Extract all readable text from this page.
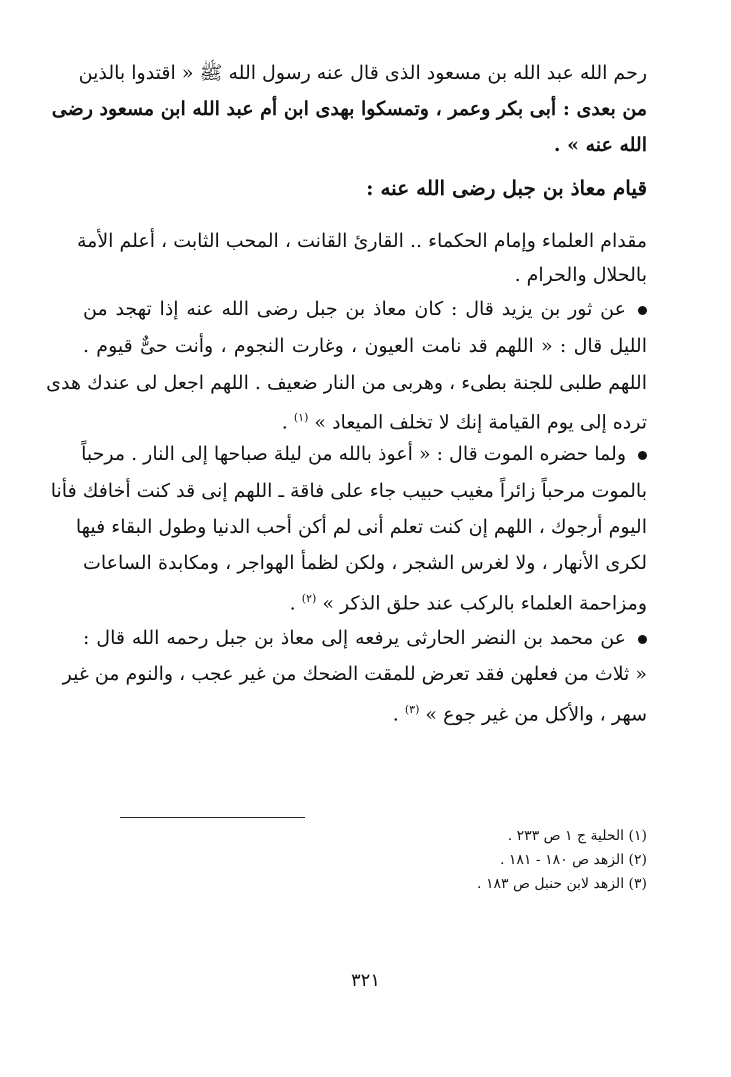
رحم الله عبد الله بن مسعود الذى قال عنه رسول الله ﷺ « اقتدوا بالذين
من بعدى : أبى بكر وعمر ، وتمسكوا بهدى ابن أم عبد الله ابن مسعود رضى
الله عنه » .
قيام معاذ بن جبل رضى الله عنه :
مقدام العلماء وإمام الحكماء .. القارئ القانت ، المحب الثابت ، أعلم الأمة
بالحلال والحرام .
عن ثور بن يزيد قال : كان معاذ بن جبل رضى الله عنه إذا تهجد من
الليل قال : « اللهم قد نامت العيون ، وغارت النجوم ، وأنت حىٌّ قيوم .
اللهم طلبى للجنة بطىء ، وهربى من النار ضعيف . اللهم اجعل لى عندك هدى
ترده إلى يوم القيامة إنك لا تخلف الميعاد » $^{(١)}$ .
ولما حضره الموت قال : « أعوذ بالله من ليلة صباحها إلى النار . مرحباً
بالموت مرحباً زائراً مغيب حبيب جاء على فاقة ـ اللهم إنى قد كنت أخافك فأنا
اليوم أرجوك ، اللهم إن كنت تعلم أنى لم أكن أحب الدنيا وطول البقاء فيها
لكرى الأنهار ، ولا لغرس الشجر ، ولكن لظمأ الهواجر ، ومكابدة الساعات
ومزاحمة العلماء بالركب عند حلق الذكر » $^{(٢)}$ .
عن محمد بن النضر الحارثى يرفعه إلى معاذ بن جبل رحمه الله قال :
« ثلاث من فعلهن فقد تعرض للمقت الضحك من غير عجب ، والنوم من غير
سهر ، والأكل من غير جوع » $^{(٣)}$ .
(١) الحلية ج ١ ص ٢٣٣ .
(٢) الزهد ص ١٨٠ - ١٨١ .
(٣) الزهد لابن حنبل ص ١٨٣ .
٣٢١
